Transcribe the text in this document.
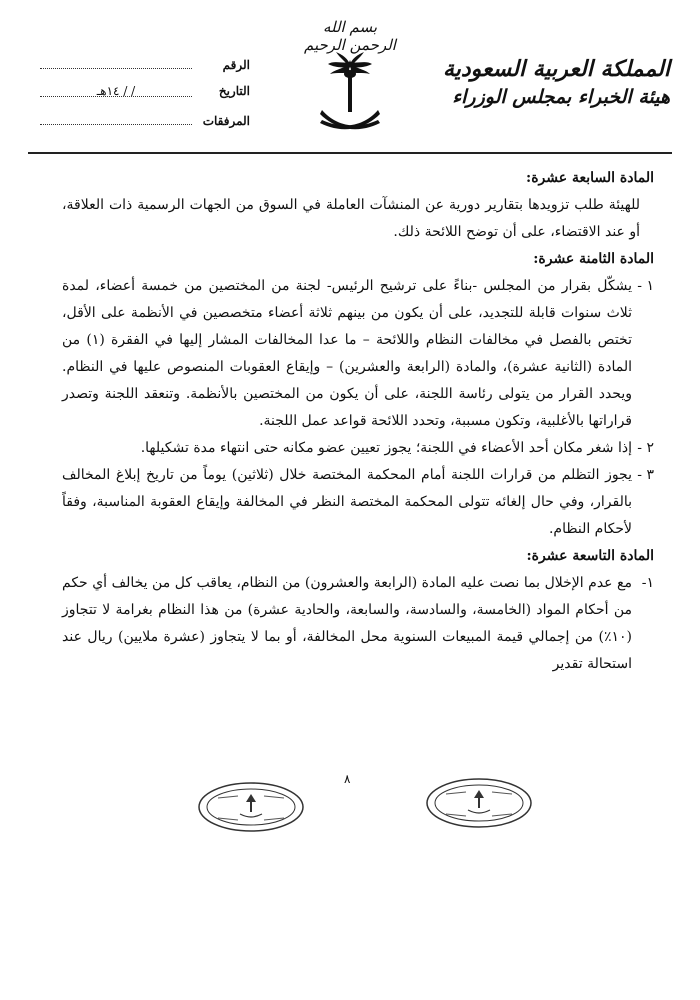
بسم الله الرحمن الرحيم
المملكة العربية السعودية
هيئة الخبراء بمجلس الوزراء
الرقم
التاريخ
/ / ١٤هـ
المرفقات

المادة السابعة عشرة:

للهيئة طلب تزويدها بتقارير دورية عن المنشآت العاملة في السوق من الجهات الرسمية ذات العلاقة، أو عند الاقتضاء، على أن توضح اللائحة ذلك.

المادة الثامنة عشرة:

١ -
يشكّل بقرار من المجلس -بناءً على ترشيح الرئيس- لجنة من المختصين من خمسة أعضاء، لمدة ثلاث سنوات قابلة للتجديد، على أن يكون من بينهم ثلاثة أعضاء متخصصين في الأنظمة على الأقل، تختص بالفصل في مخالفات النظام واللائحة – ما عدا المخالفات المشار إليها في الفقرة (١) من المادة (الثانية عشرة)، والمادة (الرابعة والعشرين) – وإيقاع العقوبات المنصوص عليها في النظام. ويحدد القرار من يتولى رئاسة اللجنة، على أن يكون من المختصين بالأنظمة. وتنعقد اللجنة وتصدر قراراتها بالأغلبية، وتكون مسببة، وتحدد اللائحة قواعد عمل اللجنة.
٢ -
إذا شغر مكان أحد الأعضاء في اللجنة؛ يجوز تعيين عضو مكانه حتى انتهاء مدة تشكيلها.
٣ -
يجوز التظلم من قرارات اللجنة أمام المحكمة المختصة خلال (ثلاثين) يوماً من تاريخ إبلاغ المخالف بالقرار، وفي حال إلغائه تتولى المحكمة المختصة النظر في المخالفة وإيقاع العقوبة المناسبة، وفقاً لأحكام النظام.

المادة التاسعة عشرة:

١-
مع عدم الإخلال بما نصت عليه المادة (الرابعة والعشرون) من النظام، يعاقب كل من يخالف أي حكم من أحكام المواد (الخامسة، والسادسة، والسابعة، والحادية عشرة) من هذا النظام بغرامة لا تتجاوز (١٠٪) من إجمالي قيمة المبيعات السنوية محل المخالفة، أو بما لا يتجاوز (عشرة ملايين) ريال عند استحالة تقدير
٨
